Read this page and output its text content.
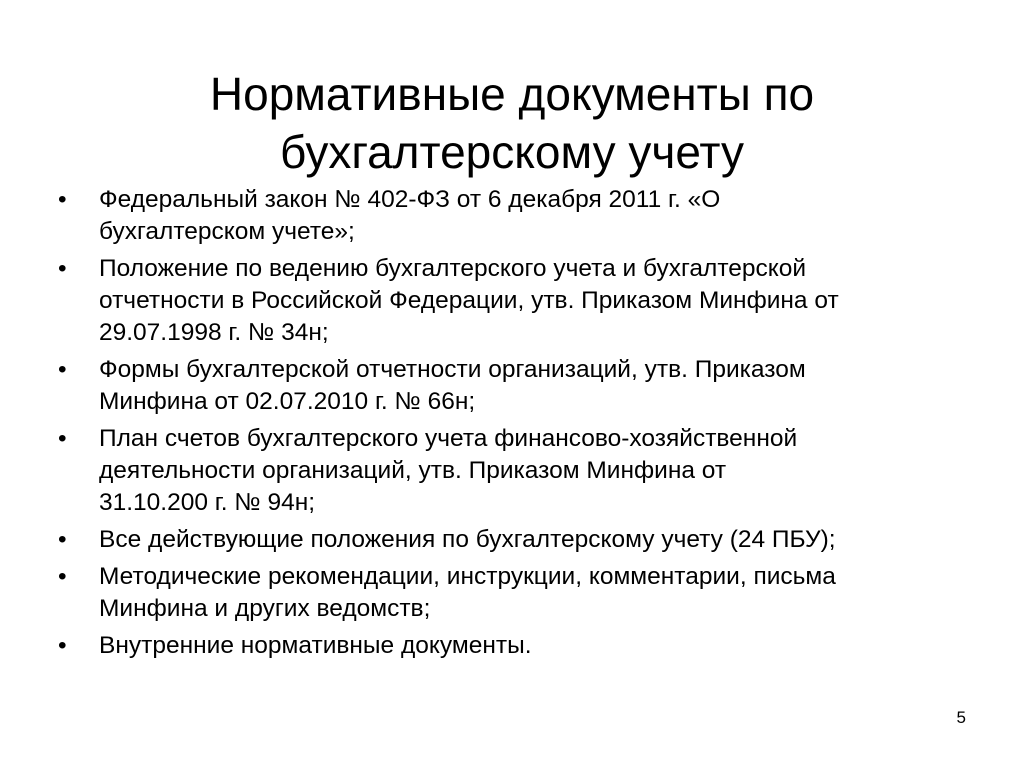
Нормативные документы по
бухгалтерскому учету
•	Федеральный закон № 402-ФЗ от 6 декабря 2011 г. «О
бухгалтерском учете»;
•	Положение по ведению бухгалтерского учета и бухгалтерской
отчетности в Российской Федерации, утв. Приказом Минфина от
29.07.1998 г. № 34н;
•	Формы бухгалтерской отчетности организаций, утв. Приказом
Минфина от 02.07.2010 г. № 66н;
•	План счетов бухгалтерского учета финансово-хозяйственной
деятельности организаций, утв. Приказом Минфина от
31.10.200 г. № 94н;
•	Все действующие положения по бухгалтерскому учету (24 ПБУ);
•	Методические рекомендации, инструкции, комментарии, письма
Минфина и других ведомств;
•	Внутренние нормативные документы.
5
